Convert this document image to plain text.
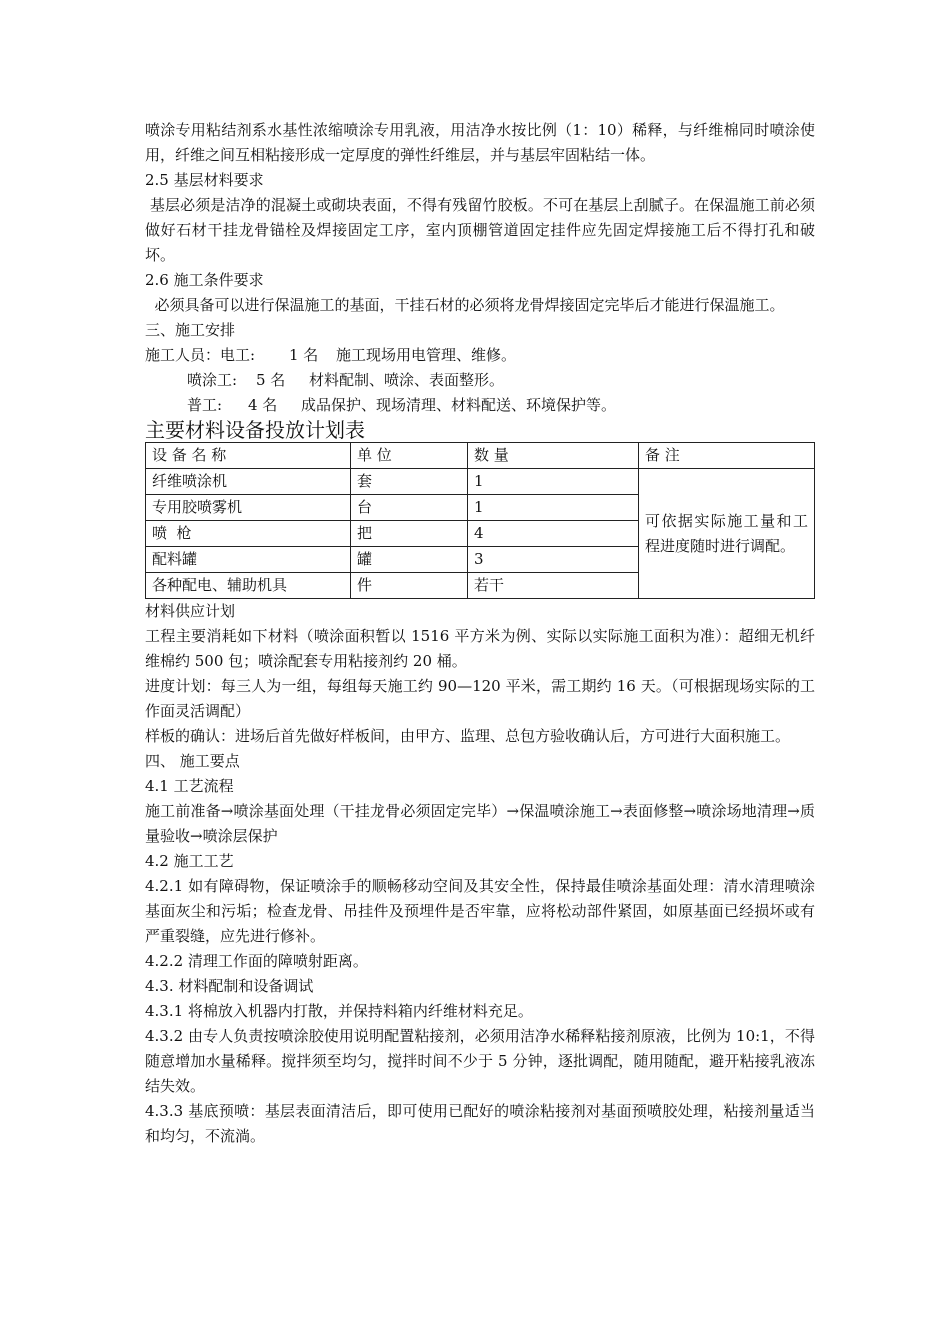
喷涂专用粘结剂系水基性浓缩喷涂专用乳液，用洁净水按比例（1：10）稀释，与纤维棉同时喷涂使用，纤维之间互相粘接形成一定厚度的弹性纤维层，并与基层牢固粘结一体。

2.5 基层材料要求

基层必须是洁净的混凝土或砌块表面，不得有残留竹胶板。不可在基层上刮腻子。在保温施工前必须做好石材干挂龙骨锚栓及焊接固定工序，室内顶棚管道固定挂件应先固定焊接施工后不得打孔和破坏。

2.6 施工条件要求

必须具备可以进行保温施工的基面，干挂石材的必须将龙骨焊接固定完毕后才能进行保温施工。

三、施工安排

施工人员：电工:	1 名	施工现场用电管理、维修。
喷涂工:	5 名	材料配制、喷涂、表面整形。
普工:	4 名	成品保护、现场清理、材料配送、环境保护等。

主要材料设备投放计划表

设 备 名 称	单 位	数 量	备 注
纤维喷涂机	套	1	可依据实际施工量和工程进度随时进行调配。
专用胶喷雾机	台	1	
喷  枪	把	4	
配料罐	罐	3	
各种配电、辅助机具	件	若干	

材料供应计划

工程主要消耗如下材料（喷涂面积暂以 1516 平方米为例、实际以实际施工面积为准）：超细无机纤维棉约 500 包；喷涂配套专用粘接剂约 20 桶。

进度计划：每三人为一组，每组每天施工约 90—120 平米，需工期约 16 天。（可根据现场实际的工作面灵活调配）

样板的确认：进场后首先做好样板间，由甲方、监理、总包方验收确认后，方可进行大面积施工。

四、 施工要点

4.1 工艺流程

施工前准备→喷涂基面处理（干挂龙骨必须固定完毕）→保温喷涂施工→表面修整→喷涂场地清理→质量验收→喷涂层保护

4.2 施工工艺

4.2.1 如有障碍物，保证喷涂手的顺畅移动空间及其安全性，保持最佳喷涂基面处理：清水清理喷涂基面灰尘和污垢；检查龙骨、吊挂件及预埋件是否牢靠，应将松动部件紧固，如原基面已经损坏或有严重裂缝，应先进行修补。

4.2.2 清理工作面的障喷射距离。

4.3. 材料配制和设备调试

4.3.1 将棉放入机器内打散，并保持料箱内纤维材料充足。

4.3.2 由专人负责按喷涂胶使用说明配置粘接剂，必须用洁净水稀释粘接剂原液，比例为 10:1，不得随意增加水量稀释。搅拌须至均匀，搅拌时间不少于 5 分钟，逐批调配，随用随配，避开粘接乳液冻结失效。

4.3.3 基底预喷：基层表面清洁后，即可使用已配好的喷涂粘接剂对基面预喷胶处理，粘接剂量适当和均匀，不流淌。
